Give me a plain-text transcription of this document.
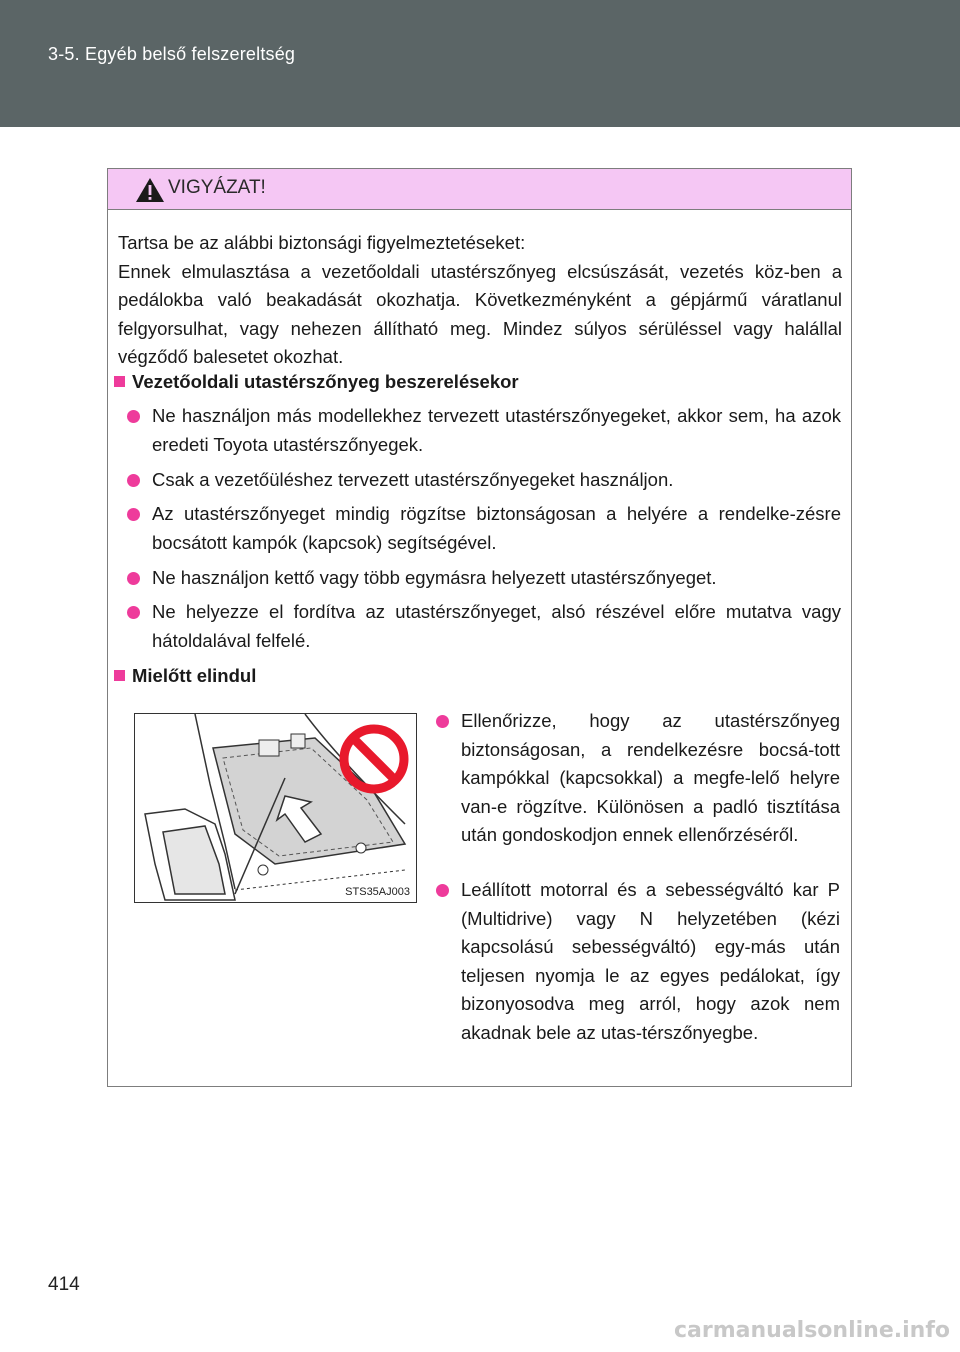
3-5. Egyéb belső felszereltség
VIGYÁZAT!
Tartsa be az alábbi biztonsági figyelmeztetéseket:
Ennek elmulasztása a vezetőoldali utastérszőnyeg elcsúszását, vezetés köz-ben a pedálokba való beakadását okozhatja. Következményként a gépjármű váratlanul felgyorsulhat, vagy nehezen állítható meg. Mindez súlyos sérüléssel vagy halállal végződő balesetet okozhat.
Vezetőoldali utastérszőnyeg beszerelésekor
Ne használjon más modellekhez tervezett utastérszőnyegeket, akkor sem, ha azok eredeti Toyota utastérszőnyegek.
Csak a vezetőüléshez tervezett utastérszőnyegeket használjon.
Az utastérszőnyeget mindig rögzítse biztonságosan a helyére a rendelke-zésre bocsátott kampók (kapcsok) segítségével.
Ne használjon kettő vagy több egymásra helyezett utastérszőnyeget.
Ne helyezze el fordítva az utastérszőnyeget, alsó részével előre mutatva vagy hátoldalával felfelé.
Mielőtt elindul
STS35AJ003
Ellenőrizze, hogy az utastérszőnyeg biztonságosan, a rendelkezésre bocsá-tott kampókkal (kapcsokkal) a megfe-lelő helyre van-e rögzítve. Különösen a padló tisztítása után gondoskodjon ennek ellenőrzéséről.
Leállított motorral és a sebességváltó kar P (Multidrive) vagy N helyzetében (kézi kapcsolású sebességváltó) egy-más után teljesen nyomja le az egyes pedálokat, így bizonyosodva meg arról, hogy azok nem akadnak bele az utas-térszőnyegbe.
414
carmanualsonline.info
